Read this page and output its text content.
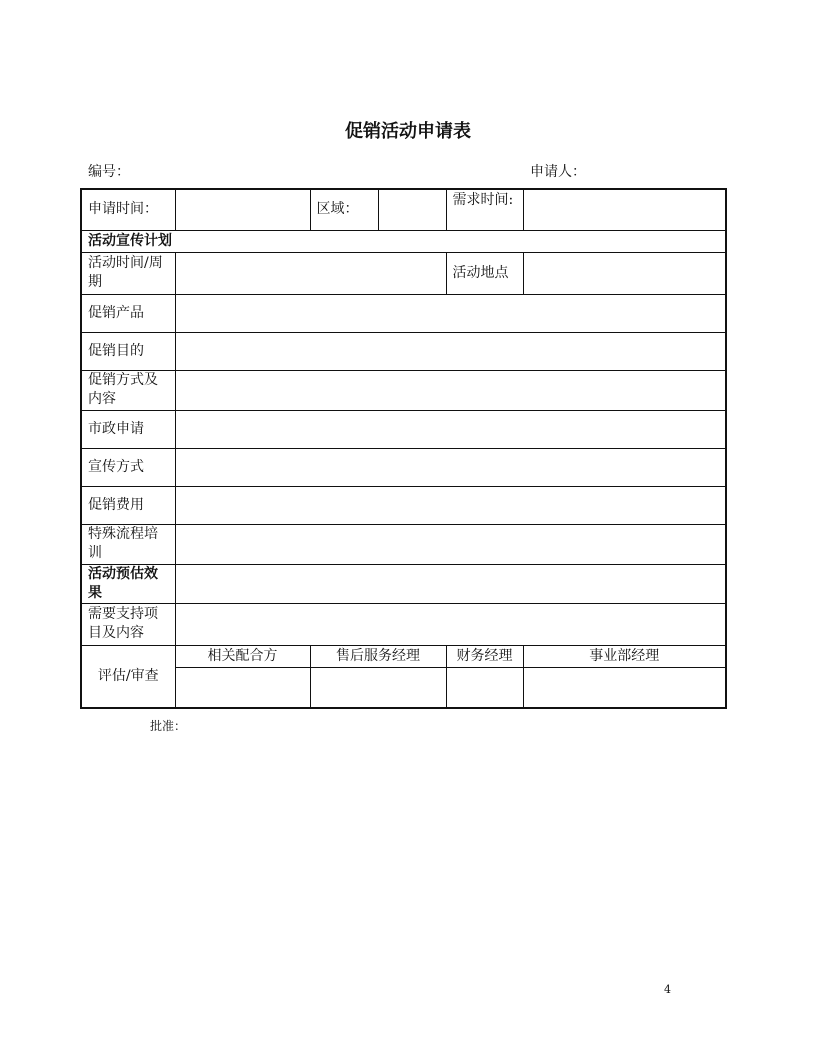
促销活动申请表
编号：	申请人：
申请时间：		区域：		需求时间:	
活动宣传计划					
活动时间/周期				活动地点	
促销产品					
促销目的					
促销方式及内容					
市政申请					
宣传方式					
促销费用					
特殊流程培训					
活动预估效果					
需要支持项目及内容					
评估/审查	相关配合方	售后服务经理		财务经理	事业部经理

批准：
4
